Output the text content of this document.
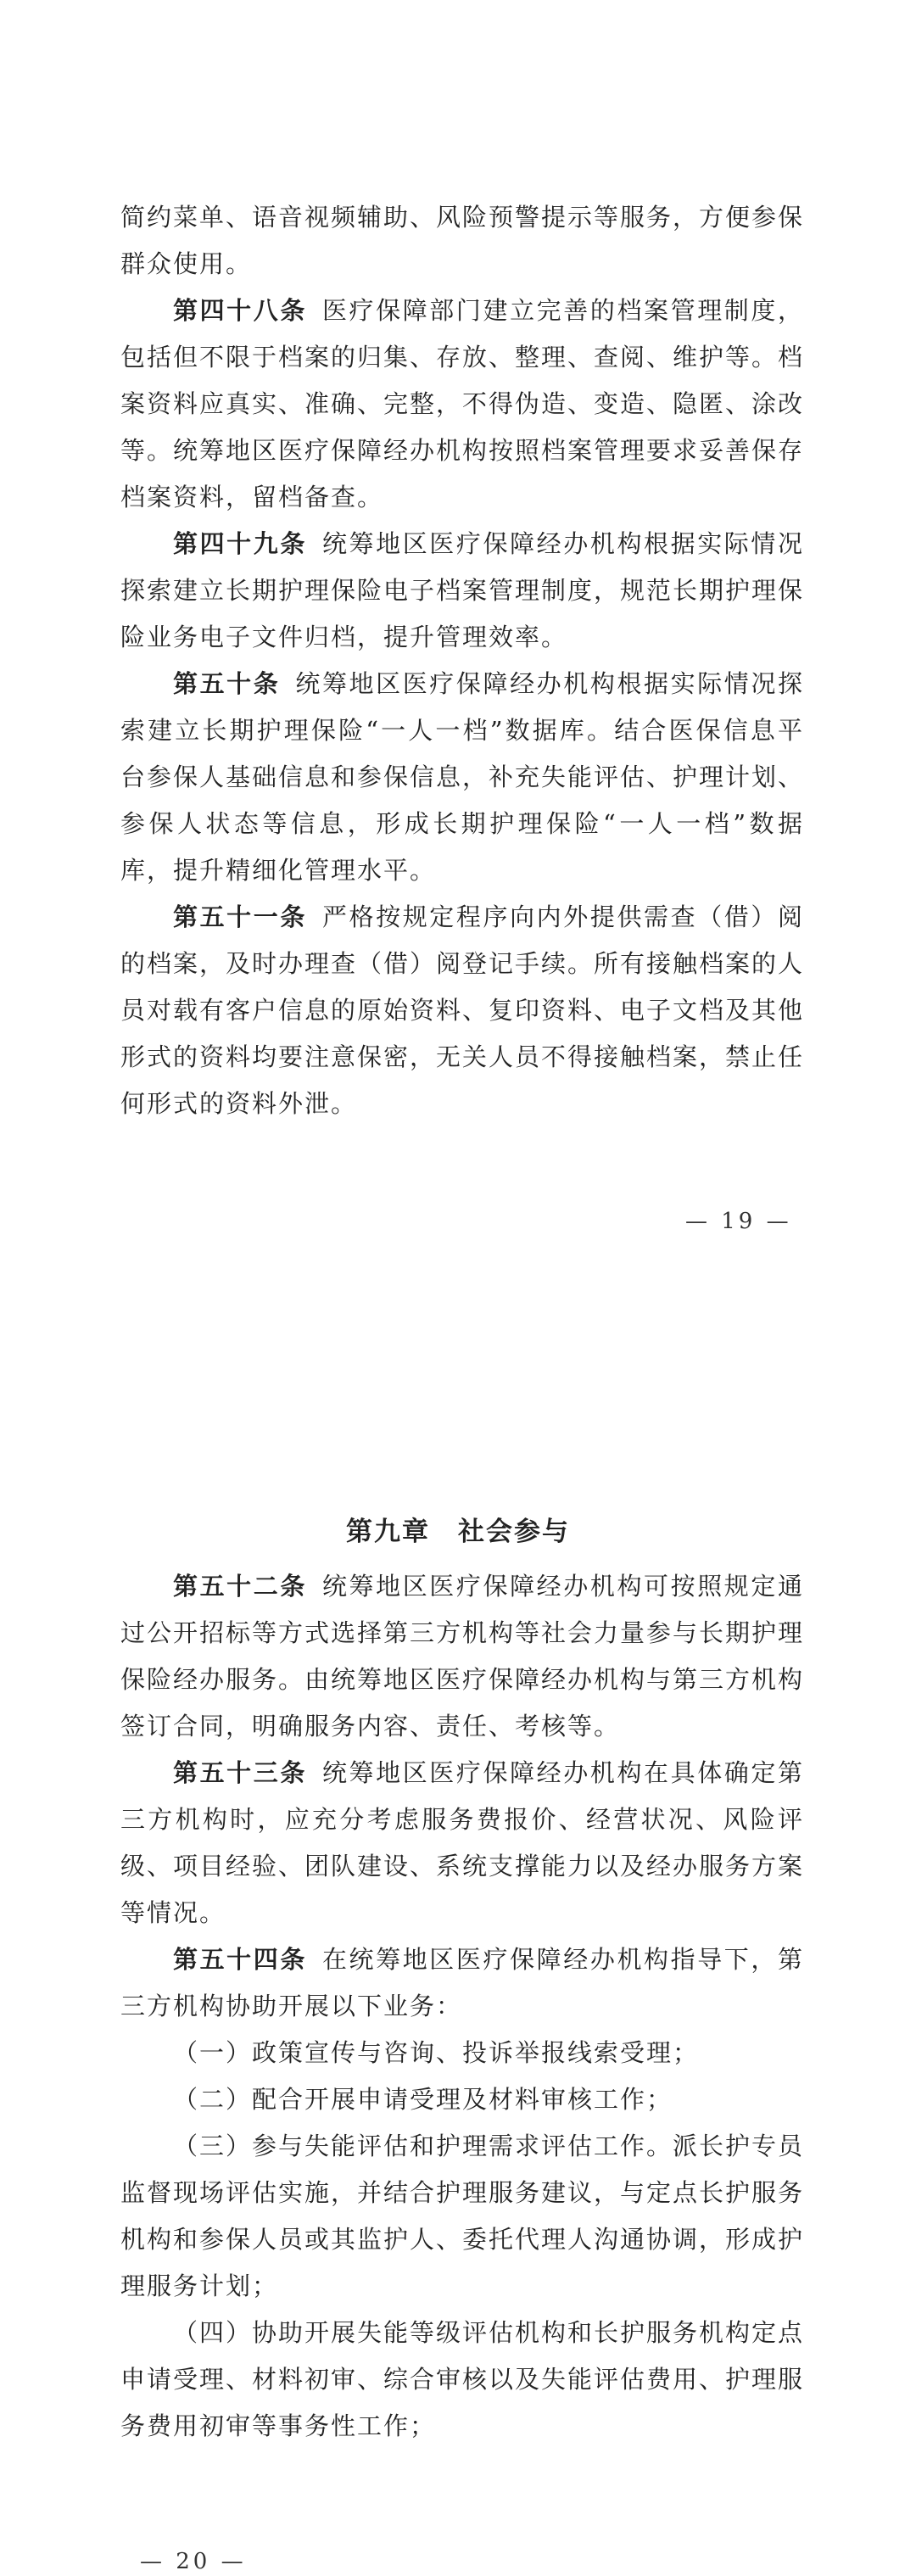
简约菜单、语音视频辅助、风险预警提示等服务，方便参保群众使用。

第四十八条 医疗保障部门建立完善的档案管理制度，包括但不限于档案的归集、存放、整理、查阅、维护等。档案资料应真实、准确、完整，不得伪造、变造、隐匿、涂改等。统筹地区医疗保障经办机构按照档案管理要求妥善保存档案资料，留档备查。

第四十九条 统筹地区医疗保障经办机构根据实际情况探索建立长期护理保险电子档案管理制度，规范长期护理保险业务电子文件归档，提升管理效率。

第五十条 统筹地区医疗保障经办机构根据实际情况探索建立长期护理保险“一人一档”数据库。结合医保信息平台参保人基础信息和参保信息，补充失能评估、护理计划、参保人状态等信息，形成长期护理保险“一人一档”数据库，提升精细化管理水平。

第五十一条 严格按规定程序向内外提供需查（借）阅的档案，及时办理查（借）阅登记手续。所有接触档案的人员对载有客户信息的原始资料、复印资料、电子文档及其他形式的资料均要注意保密，无关人员不得接触档案，禁止任何形式的资料外泄。

— 19 —
第九章　社会参与

第五十二条 统筹地区医疗保障经办机构可按照规定通过公开招标等方式选择第三方机构等社会力量参与长期护理保险经办服务。由统筹地区医疗保障经办机构与第三方机构签订合同，明确服务内容、责任、考核等。

第五十三条 统筹地区医疗保障经办机构在具体确定第三方机构时，应充分考虑服务费报价、经营状况、风险评级、项目经验、团队建设、系统支撑能力以及经办服务方案等情况。

第五十四条 在统筹地区医疗保障经办机构指导下，第三方机构协助开展以下业务：

（一）政策宣传与咨询、投诉举报线索受理；

（二）配合开展申请受理及材料审核工作；

（三）参与失能评估和护理需求评估工作。派长护专员监督现场评估实施，并结合护理服务建议，与定点长护服务机构和参保人员或其监护人、委托代理人沟通协调，形成护理服务计划；

（四）协助开展失能等级评估机构和长护服务机构定点申请受理、材料初审、综合审核以及失能评估费用、护理服务费用初审等事务性工作；

— 20 —
